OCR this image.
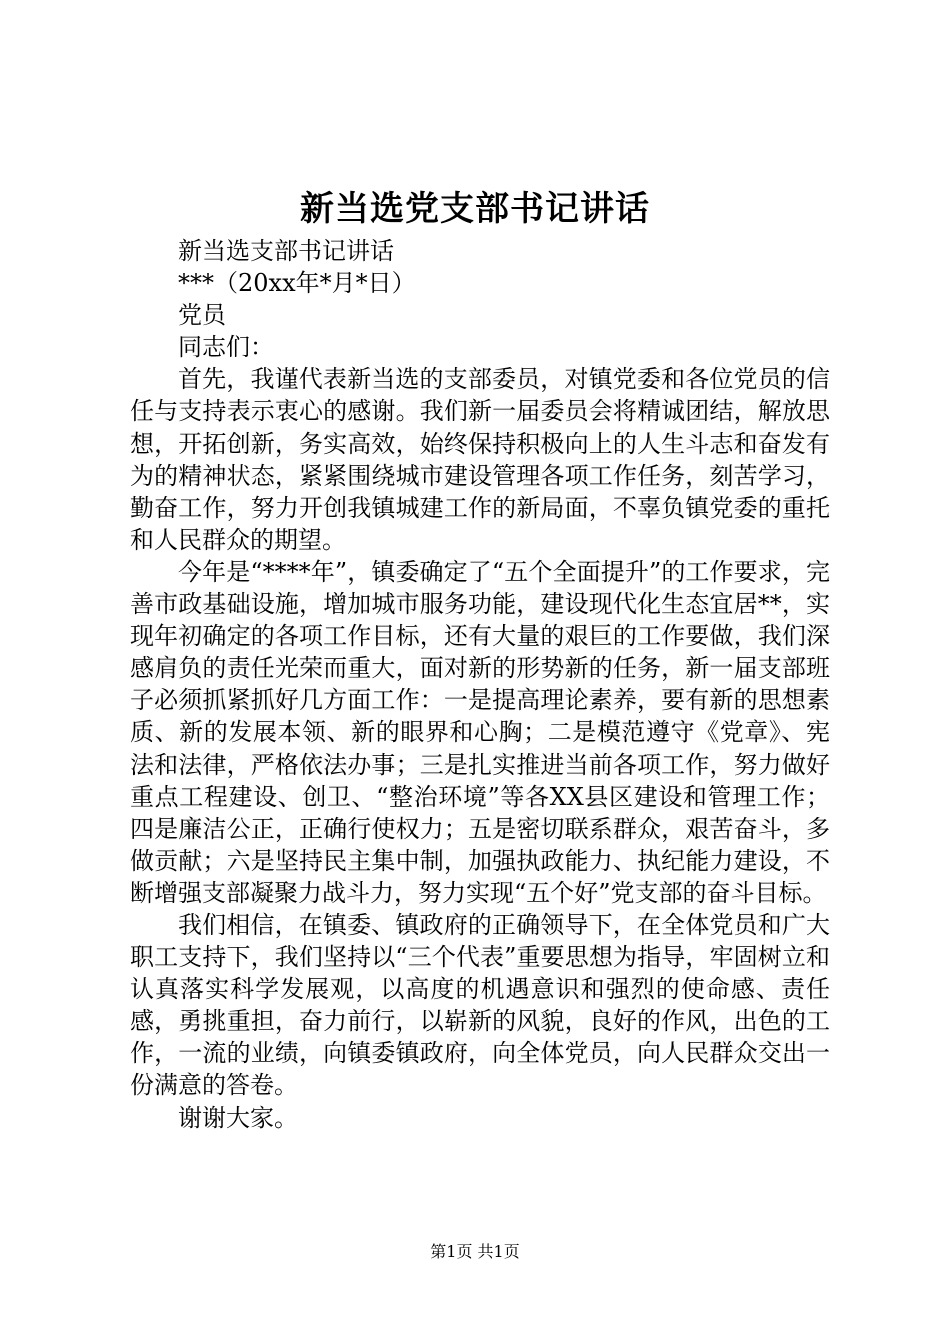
新当选党支部书记讲话

新当选支部书记讲话

***（20xx年*月*日）

党员

同志们：

首先，我谨代表新当选的支部委员，对镇党委和各位党员的信任与支持表示衷心的感谢。我们新一届委员会将精诚团结，解放思想，开拓创新，务实高效，始终保持积极向上的人生斗志和奋发有为的精神状态，紧紧围绕城市建设管理各项工作任务，刻苦学习，勤奋工作，努力开创我镇城建工作的新局面，不辜负镇党委的重托和人民群众的期望。

今年是“****年”，镇委确定了“五个全面提升”的工作要求，完善市政基础设施，增加城市服务功能，建设现代化生态宜居**，实现年初确定的各项工作目标，还有大量的艰巨的工作要做，我们深感肩负的责任光荣而重大，面对新的形势新的任务，新一届支部班子必须抓紧抓好几方面工作：一是提高理论素养，要有新的思想素质、新的发展本领、新的眼界和心胸；二是模范遵守《党章》、宪法和法律，严格依法办事；三是扎实推进当前各项工作，努力做好重点工程建设、创卫、“整治环境”等各XX县区建设和管理工作；四是廉洁公正，正确行使权力；五是密切联系群众，艰苦奋斗，多做贡献；六是坚持民主集中制，加强执政能力、执纪能力建设，不断增强支部凝聚力战斗力，努力实现“五个好”党支部的奋斗目标。

我们相信，在镇委、镇政府的正确领导下，在全体党员和广大职工支持下，我们坚持以“三个代表”重要思想为指导，牢固树立和认真落实科学发展观，以高度的机遇意识和强烈的使命感、责任感，勇挑重担，奋力前行，以崭新的风貌，良好的作风，出色的工作，一流的业绩，向镇委镇政府，向全体党员，向人民群众交出一份满意的答卷。

谢谢大家。

第1页 共1页
